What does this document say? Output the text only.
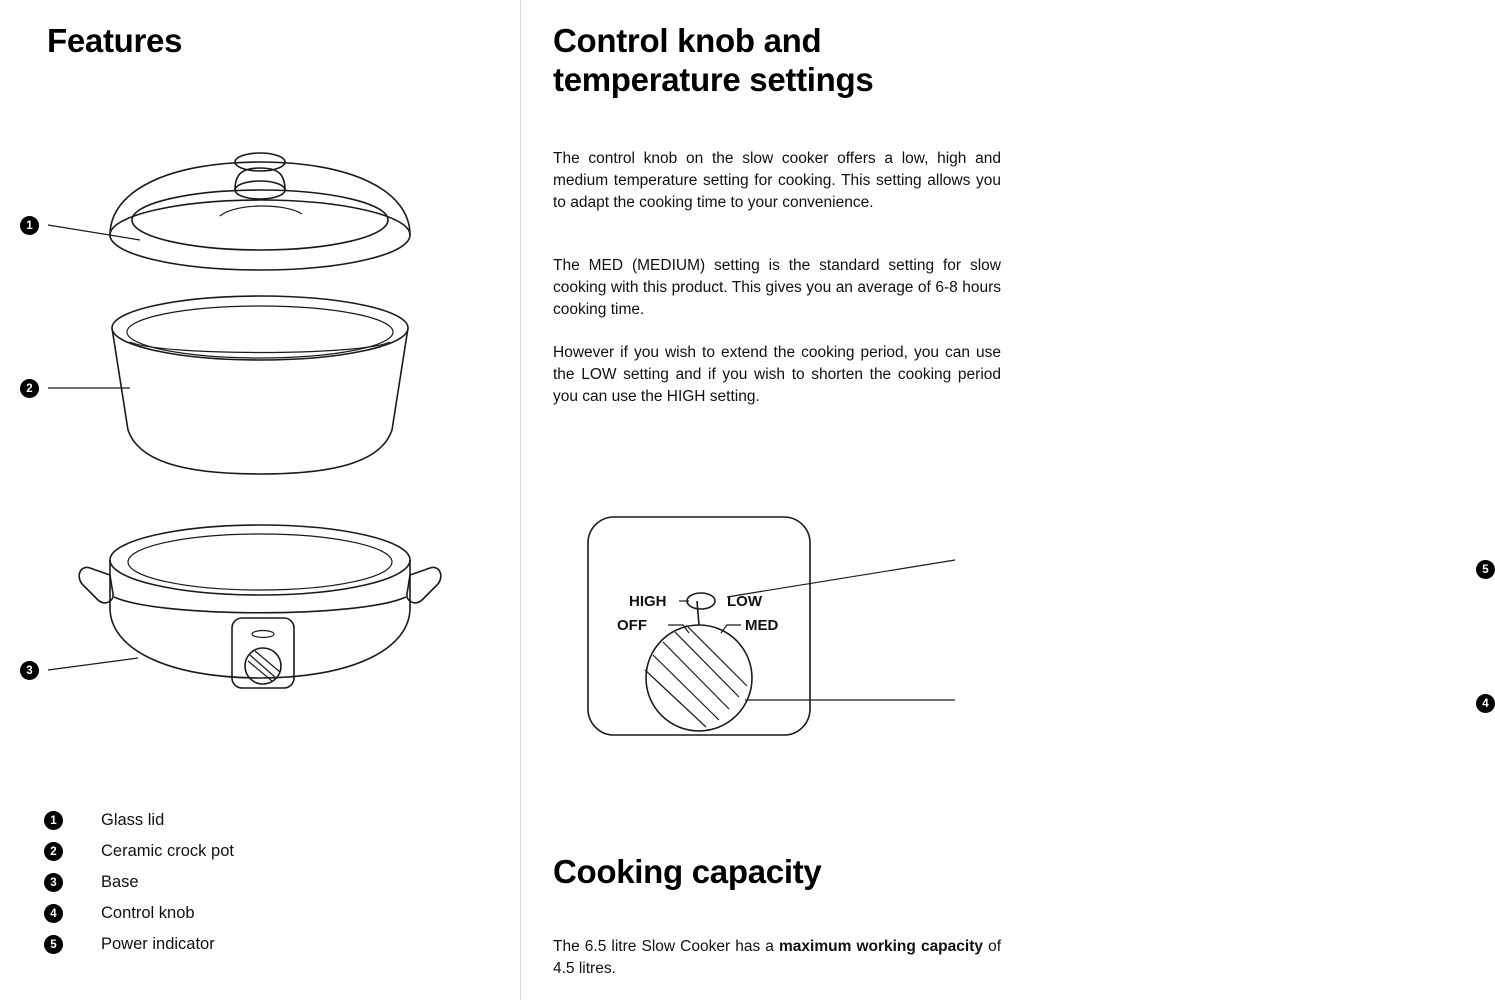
Features
1
2
3
1	Glass lid
2	Ceramic crock pot
3	Base
4	Control knob
5	Power indicator
Control knob and temperature settings

The control knob on the slow cooker offers a low, high and medium temperature setting for cooking. This setting allows you to adapt the cooking time to your convenience.

The MED (MEDIUM) setting is the standard setting for slow cooking with this product. This gives you an average of 6-8 hours cooking time.

However if you wish to extend the cooking period, you can use the LOW setting and if you wish to shorten the cooking period you can use the HIGH setting.

HIGH	LOW
OFF	MED
5
4
Cooking capacity

The 6.5 litre Slow Cooker has a maximum working capacity of 4.5 litres.
